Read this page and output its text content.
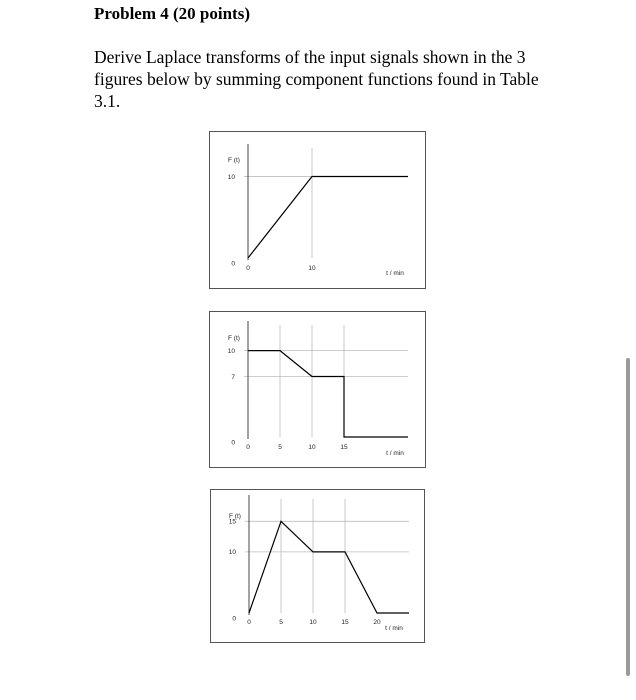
Problem 4 (20 points)
Derive Laplace transforms of the input signals shown in the 3 figures below by summing component functions found in Table 3.1.
F (t)
t / min
0	10
10
0
F (t)
t / min
0	5	10	15
10
7
0
F (t)
t / min
0	5	10	15	20
15
10
0
